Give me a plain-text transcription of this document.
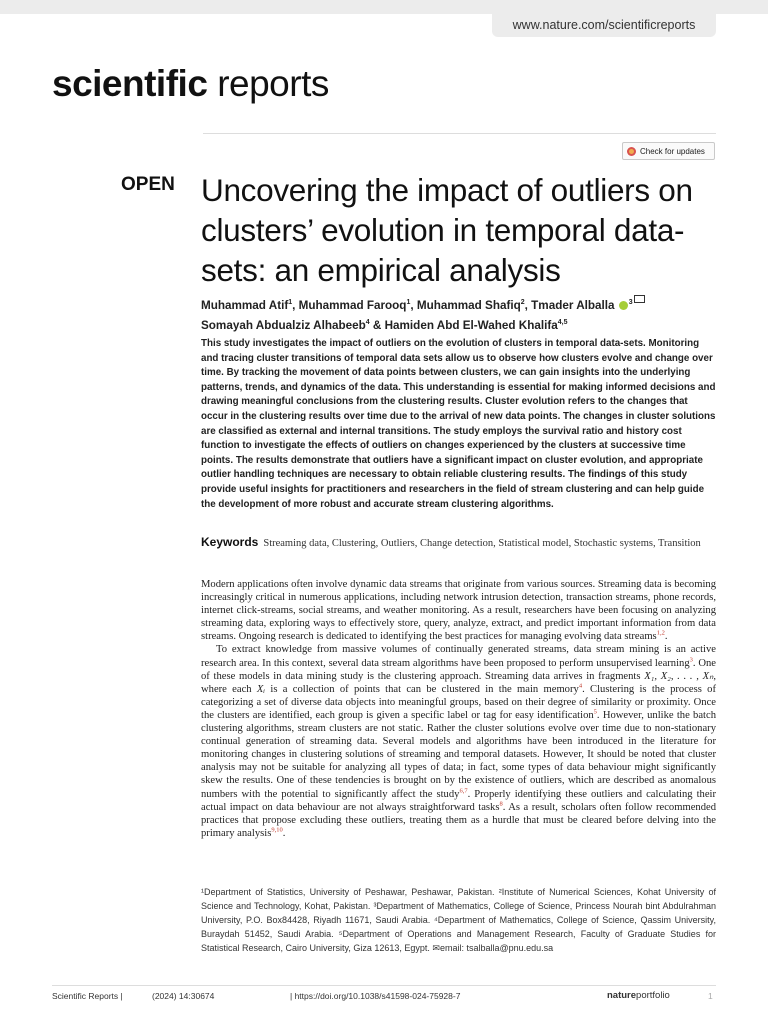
www.nature.com/scientificreports
scientific reports
Check for updates
OPEN Uncovering the impact of outliers on clusters’ evolution in temporal data-sets: an empirical analysis
Muhammad Atif$^1$, Muhammad Farooq$^1$, Muhammad Shafiq$^2$, Tmader Alballa $^3$
Somayah Abdualziz Alhabeeb$^4$ & Hamiden Abd El-Wahed Khalifa$^{4,5}$
This study investigates the impact of outliers on the evolution of clusters in temporal data-sets. Monitoring and tracing cluster transitions of temporal data sets allow us to observe how clusters evolve and change over time. By tracking the movement of data points between clusters, we can gain insights into the underlying patterns, trends, and dynamics of the data. This understanding is essential for making informed decisions and drawing meaningful conclusions from the clustering results. Cluster evolution refers to the changes that occur in the clustering results over time due to the arrival of new data points. The changes in cluster solutions are classified as external and internal transitions. The study employs the survival ratio and history cost function to investigate the effects of outliers on changes experienced by the clusters at successive time points. The results demonstrate that outliers have a significant impact on cluster evolution, and appropriate outlier handling techniques are necessary to obtain reliable clustering results. The findings of this study provide useful insights for practitioners and researchers in the field of stream clustering and can help guide the development of more robust and accurate stream clustering algorithms.
Keywords Streaming data, Clustering, Outliers, Change detection, Statistical model, Stochastic systems, Transition

Modern applications often involve dynamic data streams that originate from various sources. Streaming data is becoming increasingly critical in numerous applications, including network intrusion detection, transaction streams, phone records, internet click-streams, social streams, and weather monitoring. As a result, researchers have been focusing on analyzing streaming data, exploring ways to effectively store, query, analyze, extract, and predict important information from data streams. Ongoing research is dedicated to identifying the best practices for managing evolving data streams$^{1,2}$.

To extract knowledge from massive volumes of continually generated streams, data stream mining is an active research area. In this context, several data stream algorithms have been proposed to perform unsupervised learning$^3$. One of these models in data mining study is the clustering approach. Streaming data arrives in fragments X₁, X₂, . . . , Xₙ, where each Xᵢ is a collection of points that can be clustered in the main memory$^4$. Clustering is the process of categorizing a set of diverse data objects into meaningful groups, based on their degree of similarity or proximity. Once the clusters are identified, each group is given a specific label or tag for easy identification$^5$. However, unlike the batch clustering algorithms, stream clusters are not static. Rather the cluster solutions evolve over time due to non-stationary continual generation of streaming data. Several models and algorithms have been introduced in the literature for monitoring changes in clustering solutions of streaming and temporal datasets. However, It should be noted that cluster analysis may not be suitable for analyzing all types of data; in fact, some types of data behaviour might significantly skew the results. One of these tendencies is brought on by the existence of outliers, which are described as anomalous numbers with the potential to significantly affect the study$^{6,7}$. Properly identifying these outliers and calculating their actual impact on data behaviour are not always straightforward tasks$^8$. As a result, scholars often follow recommended practices that propose excluding these outliers, treating them as a hurdle that must be cleared before delving into the primary analysis$^{9,10}$.

¹Department of Statistics, University of Peshawar, Peshawar, Pakistan. ²Institute of Numerical Sciences, Kohat University of Science and Technology, Kohat, Pakistan. ³Department of Mathematics, College of Science, Princess Nourah bint Abdulrahman University, P.O. Box84428, Riyadh 11671, Saudi Arabia. ⁴Department of Mathematics, College of Science, Qassim University, Buraydah 51452, Saudi Arabia. ⁵Department of Operations and Management Research, Faculty of Graduate Studies for Statistical Research, Cairo University, Giza 12613, Egypt. ✉email: tsalballa@pnu.edu.sa
Scientific Reports |	(2024) 14:30674	| https://doi.org/10.1038/s41598-024-75928-7	natureportfolio	1
